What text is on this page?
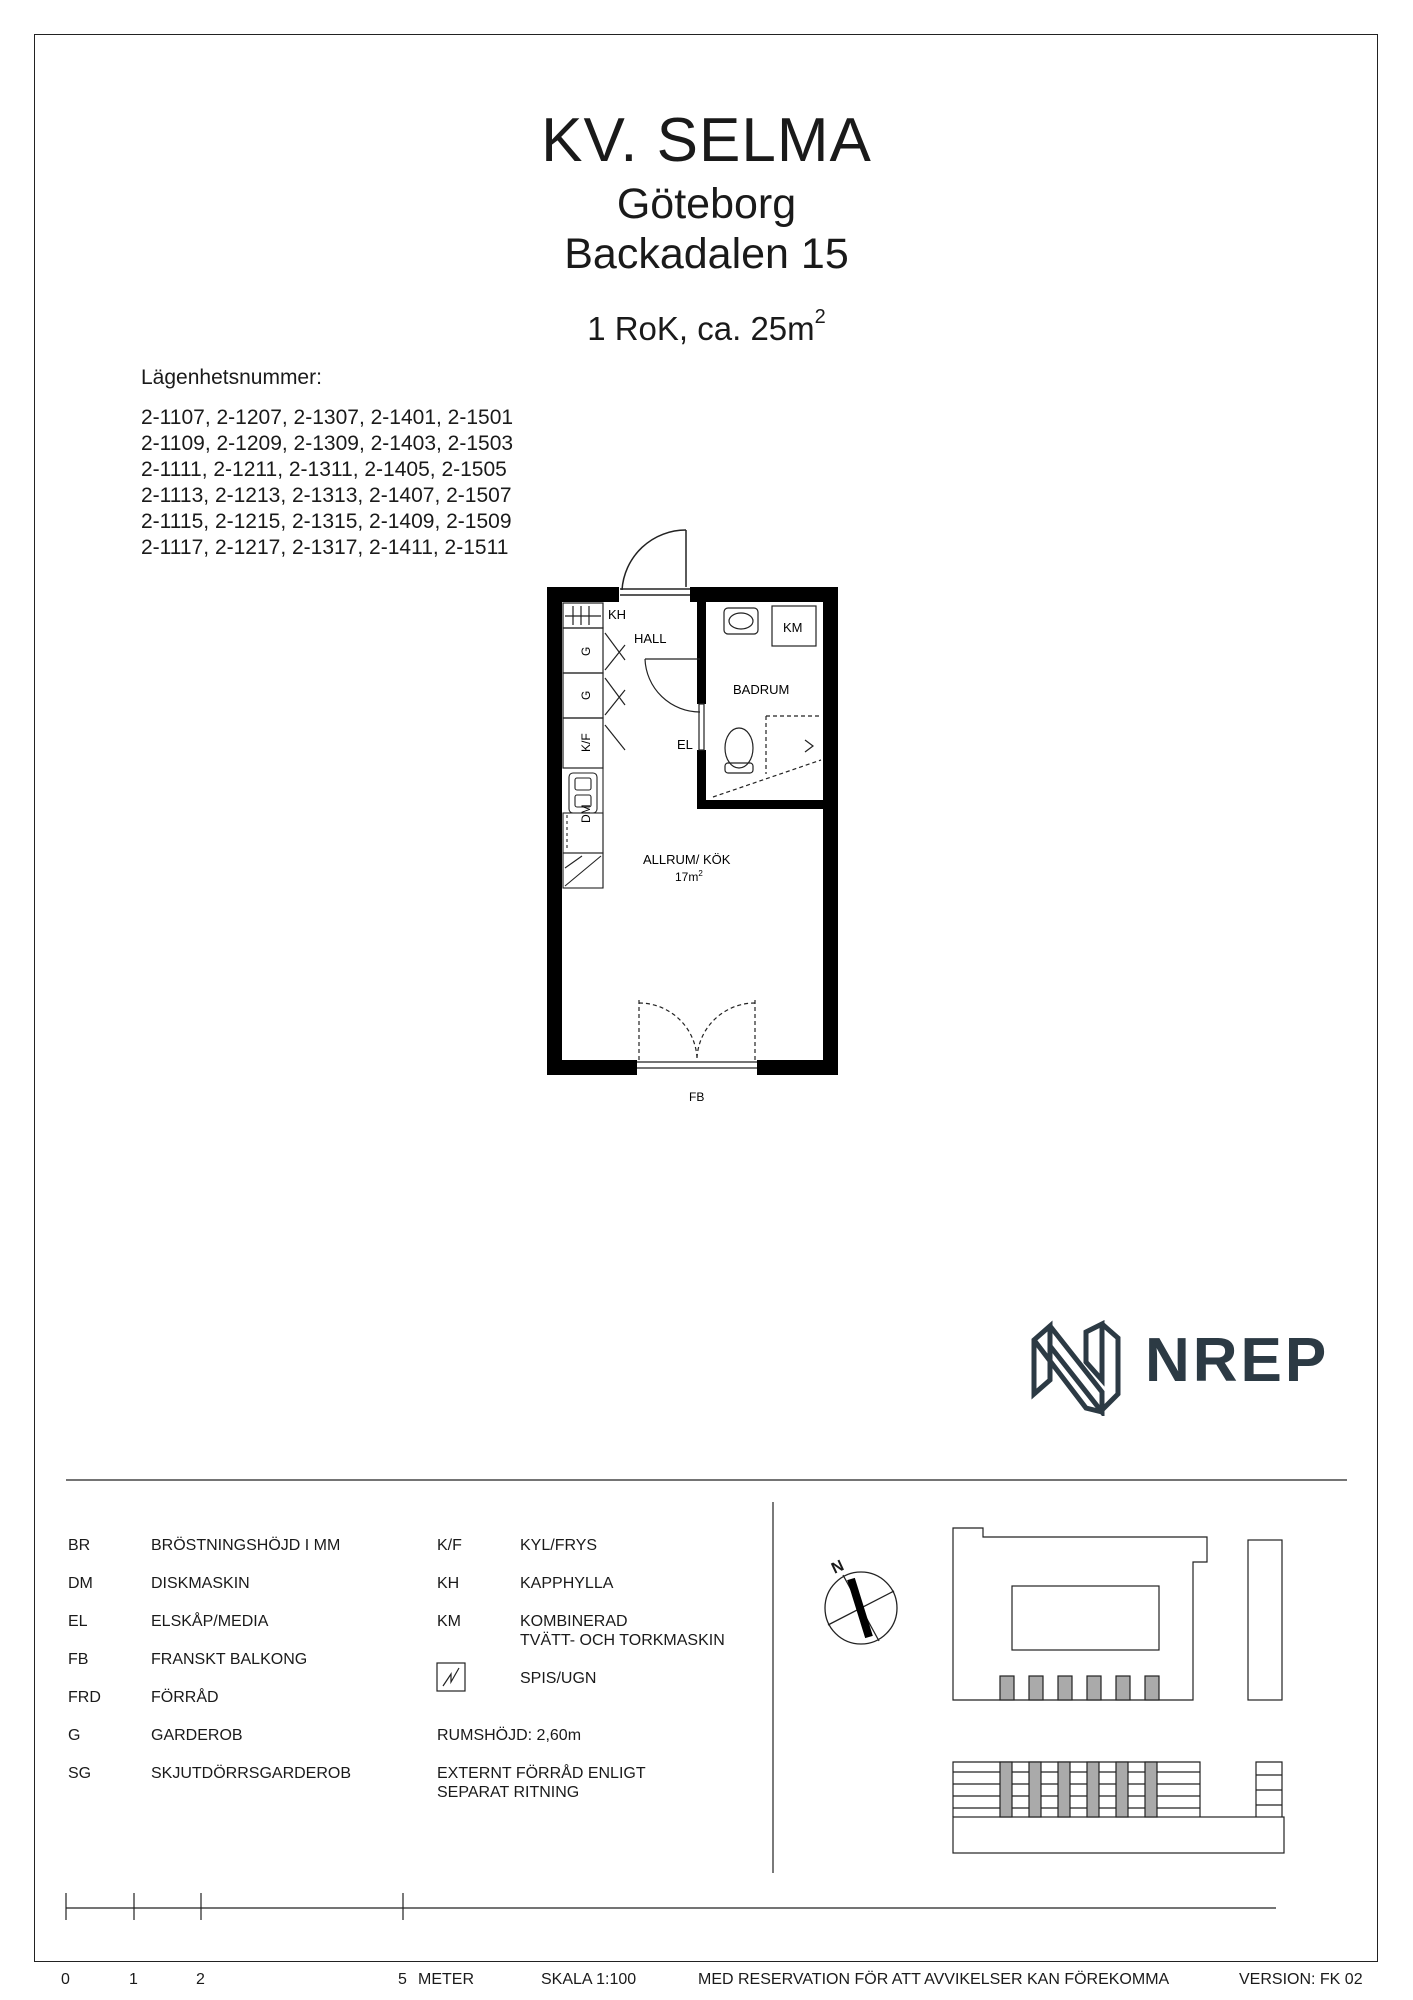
KV. SELMA
Göteborg
Backadalen 15
1 RoK, ca. $25m^2$
Lägenhetsnummer:
2-1107, 2-1207, 2-1307, 2-1401, 2-1501
2-1109, 2-1209, 2-1309, 2-1403, 2-1503
2-1111, 2-1211, 2-1311, 2-1405, 2-1505
2-1113, 2-1213, 2-1313, 2-1407, 2-1507
2-1115, 2-1215, 2-1315, 2-1409, 2-1509
2-1117, 2-1217, 2-1317, 2-1411, 2-1511
KH
HALL
KM
BADRUM
EL
G
G
K/F
DM
ALLRUM/ KÖK
$17m^2$
FB
NREP
N
BR	BRÖSTNINGSHÖJD I MM
DM	DISKMASKIN
EL	ELSKÅP/MEDIA
FB	FRANSKT BALKONG
FRD	FÖRRÅD
G	GARDEROB
SG	SKJUTDÖRRSGARDEROB
K/F	KYL/FRYS
KH	KAPPHYLLA
KM	KOMBINERAD
TVÄTT- OCH TORKMASKIN
SPIS/UGN
RUMSHÖJD: 2,60m
EXTERNT FÖRRÅD ENLIGT
SEPARAT RITNING
0	1	2	5 METER	SKALA 1:100	MED RESERVATION FÖR ATT AVVIKELSER KAN FÖREKOMMA	VERSION: FK 02
